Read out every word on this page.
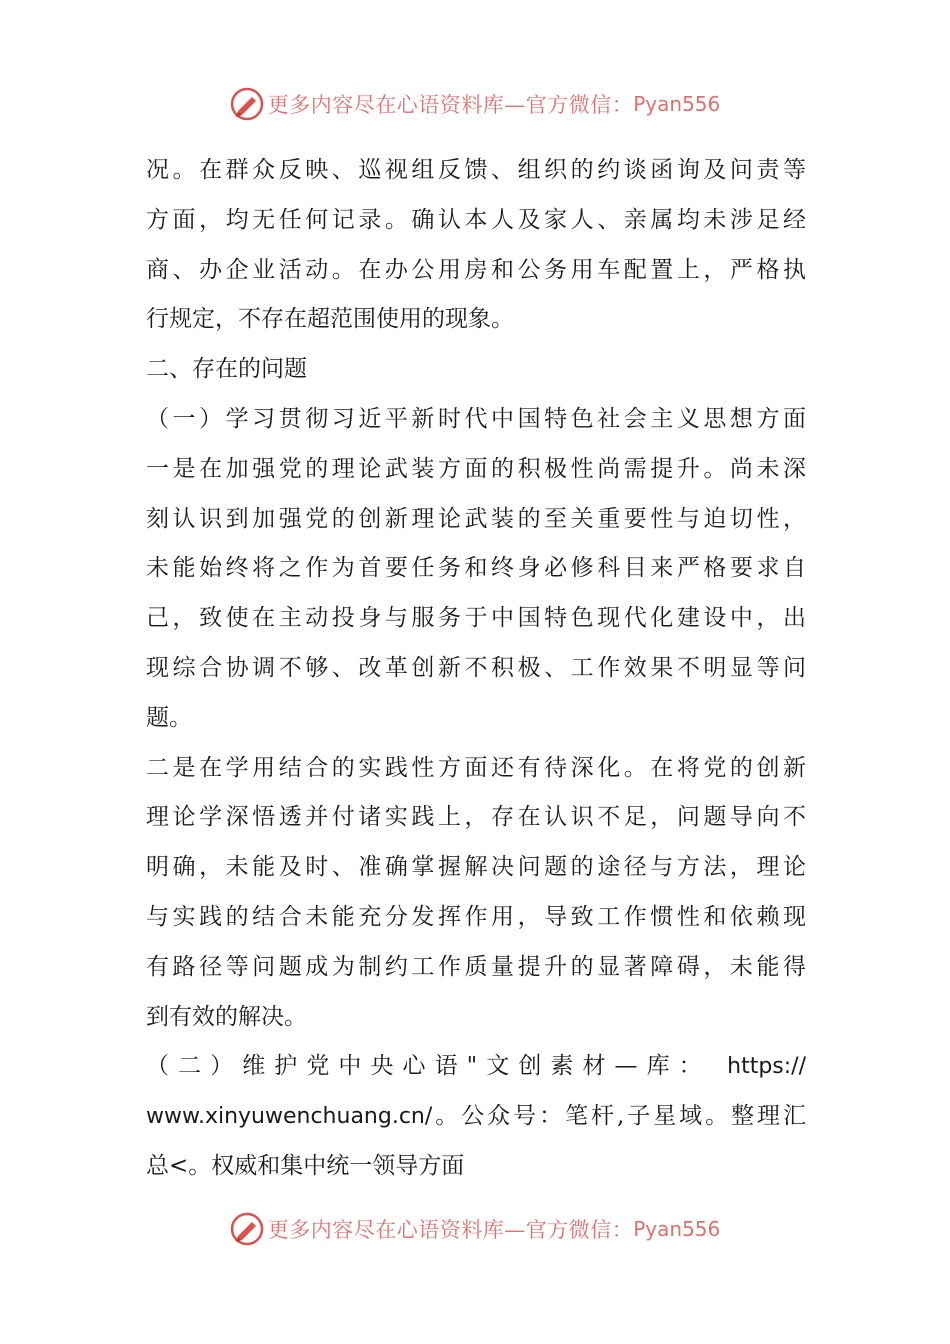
更多内容尽在心语资料库—官方微信： Pyan556
况。在群众反映、巡视组反馈、组织的约谈函询及问责等
方面，均无任何记录。确认本人及家人、亲属均未涉足经
商、办企业活动。在办公用房和公务用车配置上，严格执
行规定，不存在超范围使用的现象。
二、存在的问题
（一）学习贯彻习近平新时代中国特色社会主义思想方面
一是在加强党的理论武装方面的积极性尚需提升。尚未深
刻认识到加强党的创新理论武装的至关重要性与迫切性，
未能始终将之作为首要任务和终身必修科目来严格要求自
己，致使在主动投身与服务于中国特色现代化建设中，出
现综合协调不够、改革创新不积极、工作效果不明显等问
题。
二是在学用结合的实践性方面还有待深化。在将党的创新
理论学深悟透并付诸实践上，存在认识不足，问题导向不
明确，未能及时、准确掌握解决问题的途径与方法，理论
与实践的结合未能充分发挥作用，导致工作惯性和依赖现
有路径等问题成为制约工作质量提升的显著障碍，未能得
到有效的解决。
（二）维护党中央心语"文创素材—库： https://
www.xinyuwenchuang.cn/。公众号：笔杆,子星域。整理汇
总<。权威和集中统一领导方面
更多内容尽在心语资料库—官方微信： Pyan556
